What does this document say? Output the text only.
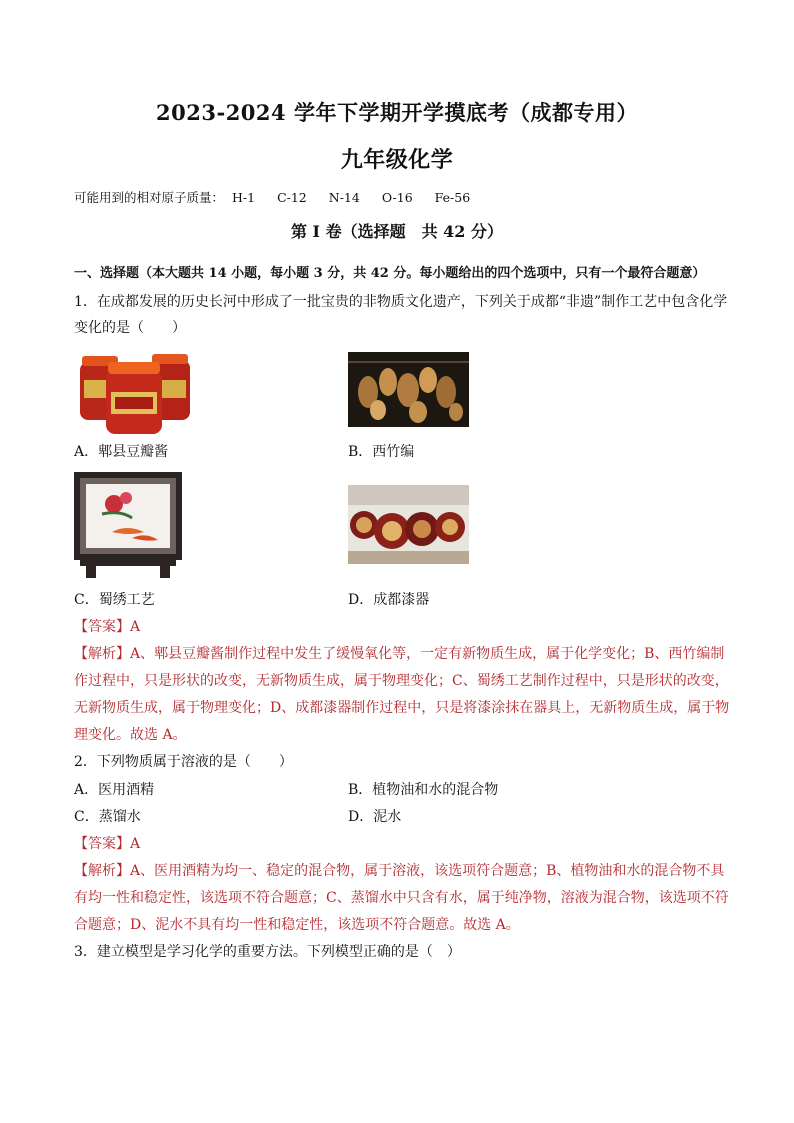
2023-2024 学年下学期开学摸底考（成都专用）
九年级化学
可能用到的相对原子质量： H-1 C-12 N-14 O-16 Fe-56
第 I 卷（选择题　共 42 分）
一、选择题（本大题共 14 小题，每小题 3 分，共 42 分。每小题给出的四个选项中，只有一个最符合题意）
1．在成都发展的历史长河中形成了一批宝贵的非物质文化遗产，下列关于成都“非遗”制作工艺中包含化学
变化的是（　　）
A．郫县豆瓣酱	B．西竹编
C．蜀绣工艺	D．成都漆器
【答案】A
【解析】A、郫县豆瓣酱制作过程中发生了缓慢氧化等，一定有新物质生成，属于化学变化；B、西竹编制
作过程中，只是形状的改变，无新物质生成，属于物理变化；C、蜀绣工艺制作过程中，只是形状的改变，
无新物质生成，属于物理变化；D、成都漆器制作过程中，只是将漆涂抹在器具上，无新物质生成，属于物
理变化。故选 A。
2．下列物质属于溶液的是（　　）
A．医用酒精	B．植物油和水的混合物
C．蒸馏水	D．泥水
【答案】A
【解析】A、医用酒精为均一、稳定的混合物，属于溶液，该选项符合题意；B、植物油和水的混合物不具
有均一性和稳定性，该选项不符合题意；C、蒸馏水中只含有水，属于纯净物，溶液为混合物，该选项不符
合题意；D、泥水不具有均一性和稳定性，该选项不符合题意。故选 A。
3．建立模型是学习化学的重要方法。下列模型正确的是（　）
